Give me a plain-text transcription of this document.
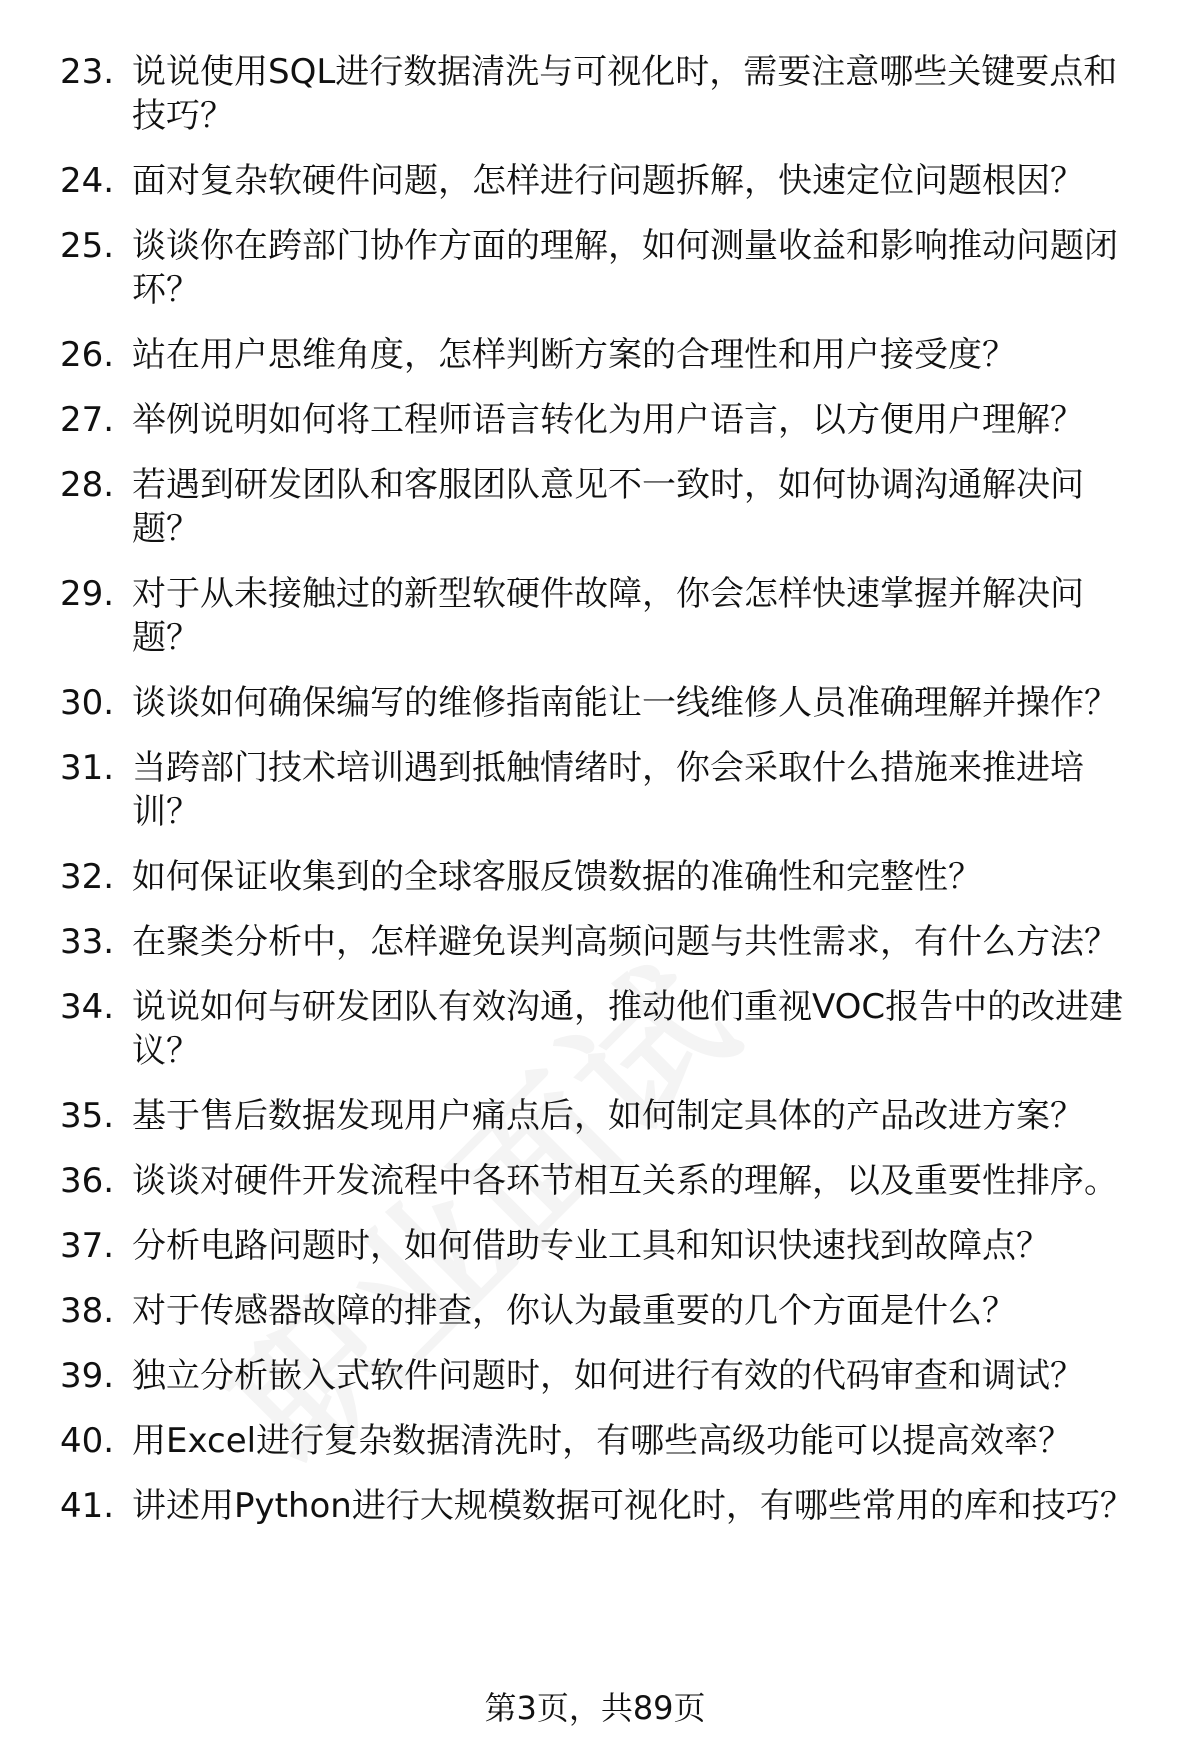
23. 说说使用SQL进行数据清洗与可视化时，需要注意哪些关键要点和技巧？
24. 面对复杂软硬件问题，怎样进行问题拆解，快速定位问题根因？
25. 谈谈你在跨部门协作方面的理解，如何测量收益和影响推动问题闭环？
26. 站在用户思维角度，怎样判断方案的合理性和用户接受度？
27. 举例说明如何将工程师语言转化为用户语言，以方便用户理解？
28. 若遇到研发团队和客服团队意见不一致时，如何协调沟通解决问题？
29. 对于从未接触过的新型软硬件故障，你会怎样快速掌握并解决问题？
30. 谈谈如何确保编写的维修指南能让一线维修人员准确理解并操作？
31. 当跨部门技术培训遇到抵触情绪时，你会采取什么措施来推进培训？
32. 如何保证收集到的全球客服反馈数据的准确性和完整性？
33. 在聚类分析中，怎样避免误判高频问题与共性需求，有什么方法？
34. 说说如何与研发团队有效沟通，推动他们重视VOC报告中的改进建议？
35. 基于售后数据发现用户痛点后，如何制定具体的产品改进方案？
36. 谈谈对硬件开发流程中各环节相互关系的理解，以及重要性排序。
37. 分析电路问题时，如何借助专业工具和知识快速找到故障点？
38. 对于传感器故障的排查，你认为最重要的几个方面是什么？
39. 独立分析嵌入式软件问题时，如何进行有效的代码审查和调试？
40. 用Excel进行复杂数据清洗时，有哪些高级功能可以提高效率？
41. 讲述用Python进行大规模数据可视化时，有哪些常用的库和技巧？
第3页，共89页
